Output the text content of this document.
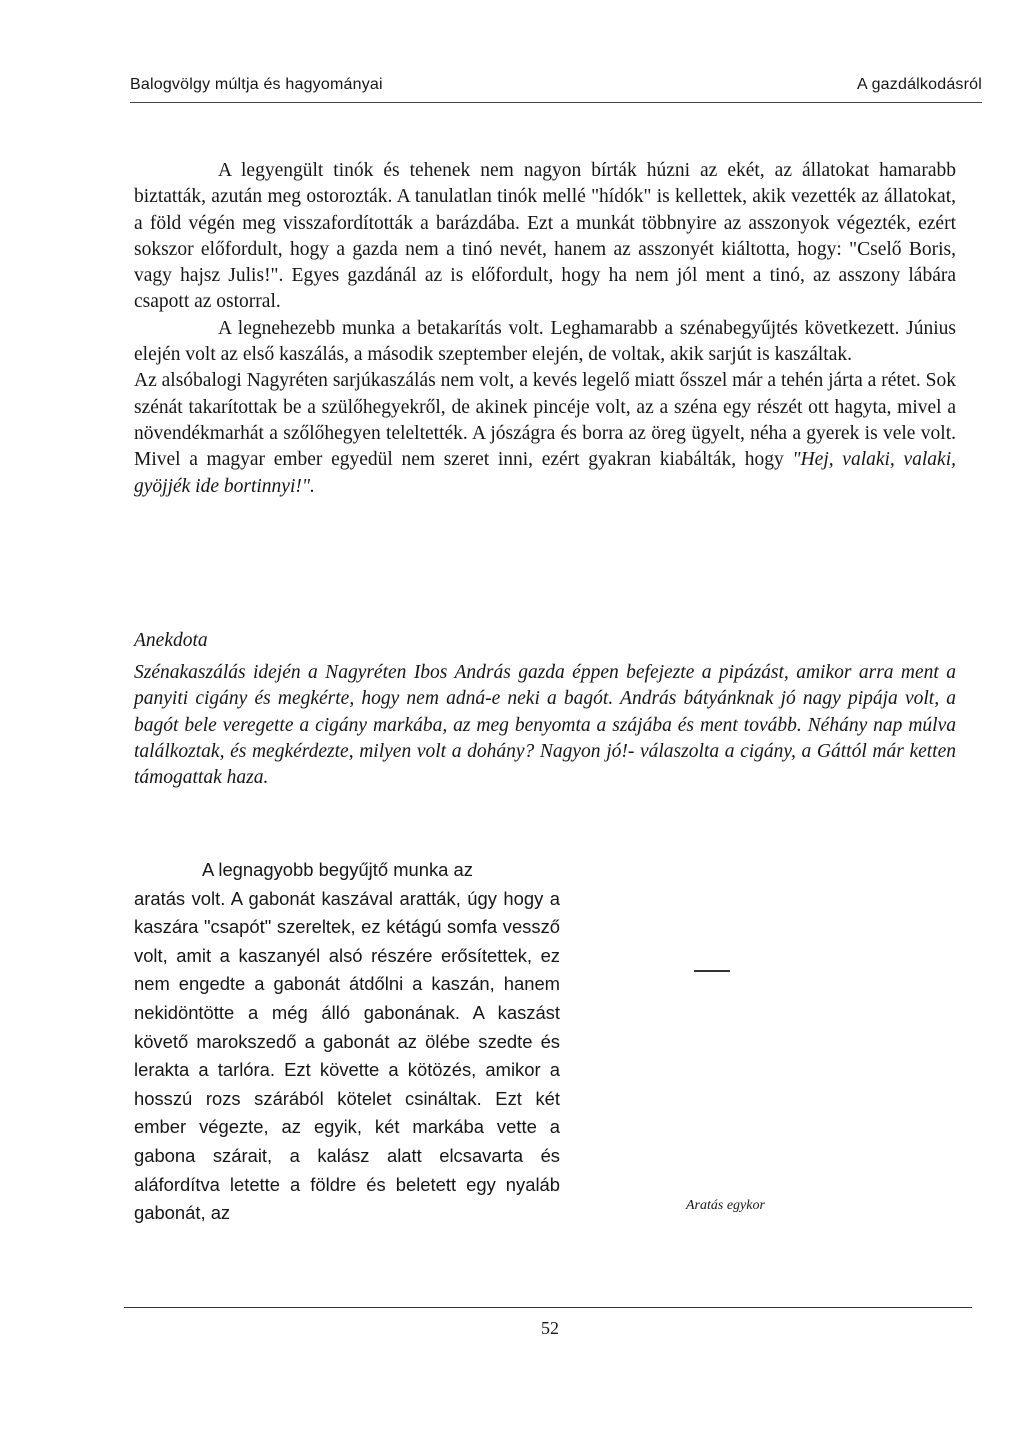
Balogvölgy múltja és hagyományai	A gazdálkodásról

A legyengült tinók és tehenek nem nagyon bírták húzni az ekét, az állatokat hamarabb biztatták, azután meg ostorozták. A tanulatlan tinók mellé "hídók" is kellettek, akik vezették az állatokat, a föld végén meg visszafordították a barázdába. Ezt a munkát többnyire az asszonyok végezték, ezért sokszor előfordult, hogy a gazda nem a tinó nevét, hanem az asszonyét kiáltotta, hogy: "Cselő Boris, vagy hajsz Julis!". Egyes gazdánál az is előfordult, hogy ha nem jól ment a tinó, az asszony lábára csapott az ostorral.

A legnehezebb munka a betakarítás volt. Leghamarabb a szénabegyűjtés következett. Június elején volt az első kaszálás, a második szeptember elején, de voltak, akik sarjút is kaszáltak.

Az alsóbalogi Nagyréten sarjúkaszálás nem volt, a kevés legelő miatt ősszel már a tehén járta a rétet. Sok szénát takarítottak be a szülőhegyekről, de akinek pincéje volt, az a széna egy részét ott hagyta, mivel a növendékmarhát a szőlőhegyen teleltették. A jószágra és borra az öreg ügyelt, néha a gyerek is vele volt. Mivel a magyar ember egyedül nem szeret inni, ezért gyakran kiabálták, hogy "Hej, valaki, valaki, gyöjjék ide bortinnyi!".

Anekdota
Szénakaszálás idején a Nagyréten Ibos András gazda éppen befejezte a pipázást, amikor arra ment a panyiti cigány és megkérte, hogy nem adná-e neki a bagót. András bátyánknak jó nagy pipája volt, a bagót bele veregette a cigány markába, az meg benyomta a szájába és ment tovább. Néhány nap múlva találkoztak, és megkérdezte, milyen volt a dohány? Nagyon jó!- válaszolta a cigány, a Gáttól már ketten támogattak haza.
A legnagyobb begyűjtő munka az
aratás volt. A gabonát kaszával aratták, úgy hogy a kaszára "csapót" szereltek, ez kétágú somfa vessző volt, amit a kaszanyél alsó részére erősítettek, ez nem engedte a gabonát átdőlni a kaszán, hanem nekidöntötte a még álló gabonának. A kaszást követő marokszedő a gabonát az ölébe szedte és lerakta a tarlóra. Ezt követte a kötözés, amikor a hosszú rozs szárából kötelet csináltak. Ezt két ember végezte, az egyik, két markába vette a gabona szárait, a kalász alatt elcsavarta és aláfordítva letette a földre és beletett egy nyaláb gabonát, az	Aratás egykor
52
